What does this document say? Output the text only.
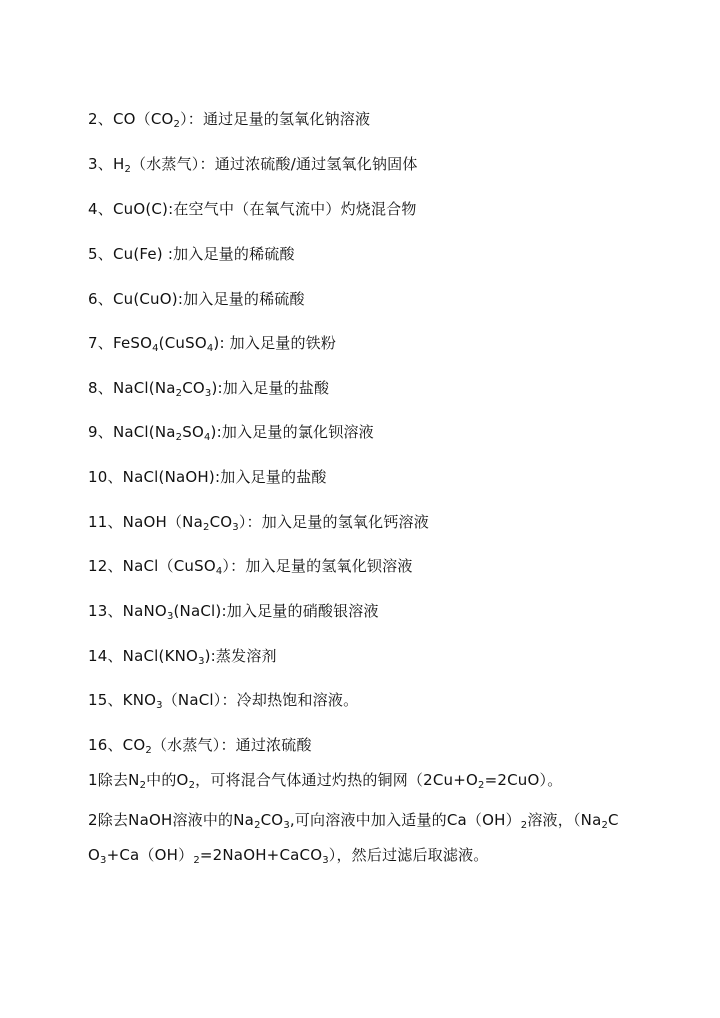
2、$CO(CO_2)$：通过足量的氢氧化钠溶液
3、$H_2$（水蒸气）：通过浓硫酸/通过氢氧化钠固体
4、CuO(C):在空气中（在氧气流中）灼烧混合物
5、Cu(Fe) :加入足量的稀硫酸
6、Cu(CuO):加入足量的稀硫酸
7、FeSO$_4$(CuSO$_4$): 加入足量的铁粉
8、$NaCl(Na_2CO_3)$:加入足量的盐酸
9、$NaCl(Na_2SO_4)$:加入足量的氯化钡溶液
10、NaCl(NaOH):加入足量的盐酸
11、$NaOH(Na_2CO_3)$：加入足量的氢氧化钙溶液
12、NaCl（CuSO$_4$）：加入足量的氢氧化钡溶液
13、NaNO$_3$(NaCl):加入足量的硝酸银溶液
14、$NaCl(KNO_3)$:蒸发溶剂
15、$KNO_3(NaCl)$：冷却热饱和溶液。
16、$CO_2$（水蒸气）：通过浓硫酸
1除去$N_2$中的$O_2$，可将混合气体通过灼热的铜网$(2Cu+O_2=2CuO)$。
2除去NaOH溶液中的$Na_2CO_3$,可向溶液中加入适量的$Ca(OH)_2$溶液，（$Na_2C$
$O_3+Ca(OH)_2=2NaOH+CaCO_3$），然后过滤后取滤液。
